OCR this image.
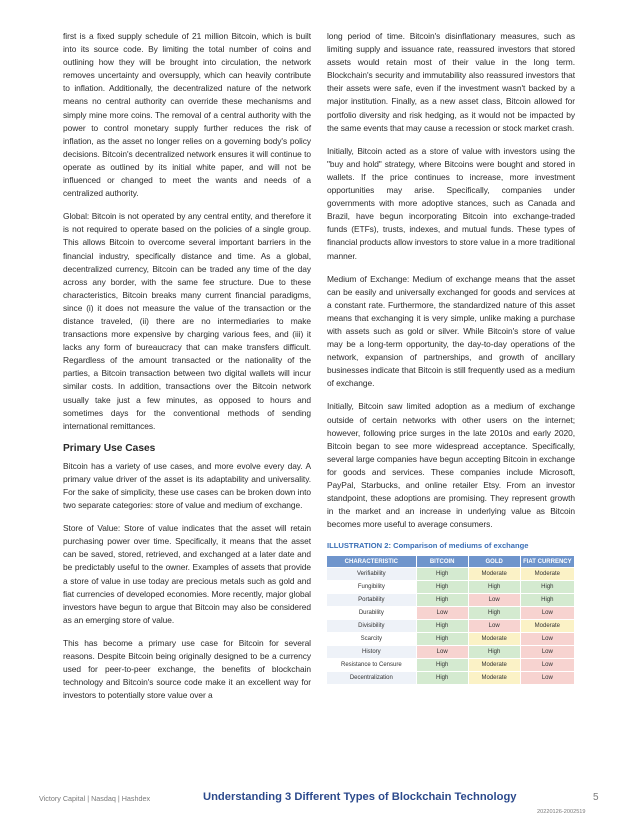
first is a fixed supply schedule of 21 million Bitcoin, which is built into its source code. By limiting the total number of coins and outlining how they will be brought into circulation, the network removes uncertainty and oversupply, which can heavily contribute to inflation. Additionally, the decentralized nature of the network means no central authority can override these mechanisms and simply mine more coins. The removal of a central authority with the power to control monetary supply further reduces the risk of inflation, as the asset no longer relies on a governing body's policy decisions. Bitcoin's decentralized network ensures it will continue to operate as outlined by its initial white paper, and will not be influenced or changed to meet the wants and needs of a centralized authority.

Global: Bitcoin is not operated by any central entity, and therefore it is not required to operate based on the policies of a single group. This allows Bitcoin to overcome several important barriers in the financial industry, specifically distance and time. As a global, decentralized currency, Bitcoin can be traded any time of the day across any border, with the same fee structure. Due to these characteristics, Bitcoin breaks many current financial paradigms, since (i) it does not measure the value of the transaction or the distance traveled, (ii) there are no intermediaries to make transactions more expensive by charging various fees, and (iii) it lacks any form of bureaucracy that can make transfers difficult. Regardless of the amount transacted or the nationality of the parties, a Bitcoin transaction between two digital wallets will incur similar costs. In addition, transactions over the Bitcoin network usually take just a few minutes, as opposed to hours and sometimes days for the conventional methods of sending international remittances.

Primary Use Cases

Bitcoin has a variety of use cases, and more evolve every day. A primary value driver of the asset is its adaptability and universality. For the sake of simplicity, these use cases can be broken down into two separate categories: store of value and medium of exchange.

Store of Value: Store of value indicates that the asset will retain purchasing power over time. Specifically, it means that the asset can be saved, stored, retrieved, and exchanged at a later date and be predictably useful to the owner. Examples of assets that provide a store of value in use today are precious metals such as gold and fiat currencies of developed economies. More recently, major global investors have begun to argue that Bitcoin may also be considered as an emerging store of value.

This has become a primary use case for Bitcoin for several reasons. Despite Bitcoin being originally designed to be a currency used for peer-to-peer exchange, the benefits of blockchain technology and Bitcoin's source code make it an excellent way for investors to potentially store value over a

long period of time. Bitcoin's disinflationary measures, such as limiting supply and issuance rate, reassured investors that stored assets would retain most of their value in the long term. Blockchain's security and immutability also reassured investors that their assets were safe, even if the investment wasn't backed by a major institution. Finally, as a new asset class, Bitcoin allowed for portfolio diversity and risk hedging, as it would not be impacted by the same events that may cause a recession or stock market crash.

Initially, Bitcoin acted as a store of value with investors using the "buy and hold" strategy, where Bitcoins were bought and stored in wallets. If the price continues to increase, more investment opportunities may arise. Specifically, companies under governments with more adoptive stances, such as Canada and Brazil, have begun incorporating Bitcoin into exchange-traded funds (ETFs), trusts, indexes, and mutual funds. These types of financial products allow investors to store value in a more traditional manner.

Medium of Exchange: Medium of exchange means that the asset can be easily and universally exchanged for goods and services at a constant rate. Furthermore, the standardized nature of this asset means that exchanging it is very simple, unlike making a purchase with assets such as gold or silver. While Bitcoin's store of value may be a long-term opportunity, the day-to-day operations of the network, expansion of partnerships, and growth of ancillary businesses indicate that Bitcoin is still frequently used as a medium of exchange.

Initially, Bitcoin saw limited adoption as a medium of exchange outside of certain networks with other users on the internet; however, following price surges in the late 2010s and early 2020, Bitcoin began to see more widespread acceptance. Specifically, several large companies have begun accepting Bitcoin in exchange for goods and services. These companies include Microsoft, PayPal, Starbucks, and online retailer Etsy. From an investor standpoint, these adoptions are promising. They represent growth in the market and an increase in underlying value as Bitcoin becomes more useful to average consumers.

ILLUSTRATION 2: Comparison of mediums of exchange
CHARACTERISTIC	BITCOIN	GOLD	FIAT CURRENCY
Verifiability	High	Moderate	Moderate
Fungibility	High	High	High
Portability	High	Low	High
Durability	Low	High	Low
Divisibility	High	Low	Moderate
Scarcity	High	Moderate	Low
History	Low	High	Low
Resistance to Censure	High	Moderate	Low
Decentralization	High	Moderate	Low
Victory Capital | Nasdaq | Hashdex	Understanding 3 Different Types of Blockchain Technology	5
20220126-2002519
